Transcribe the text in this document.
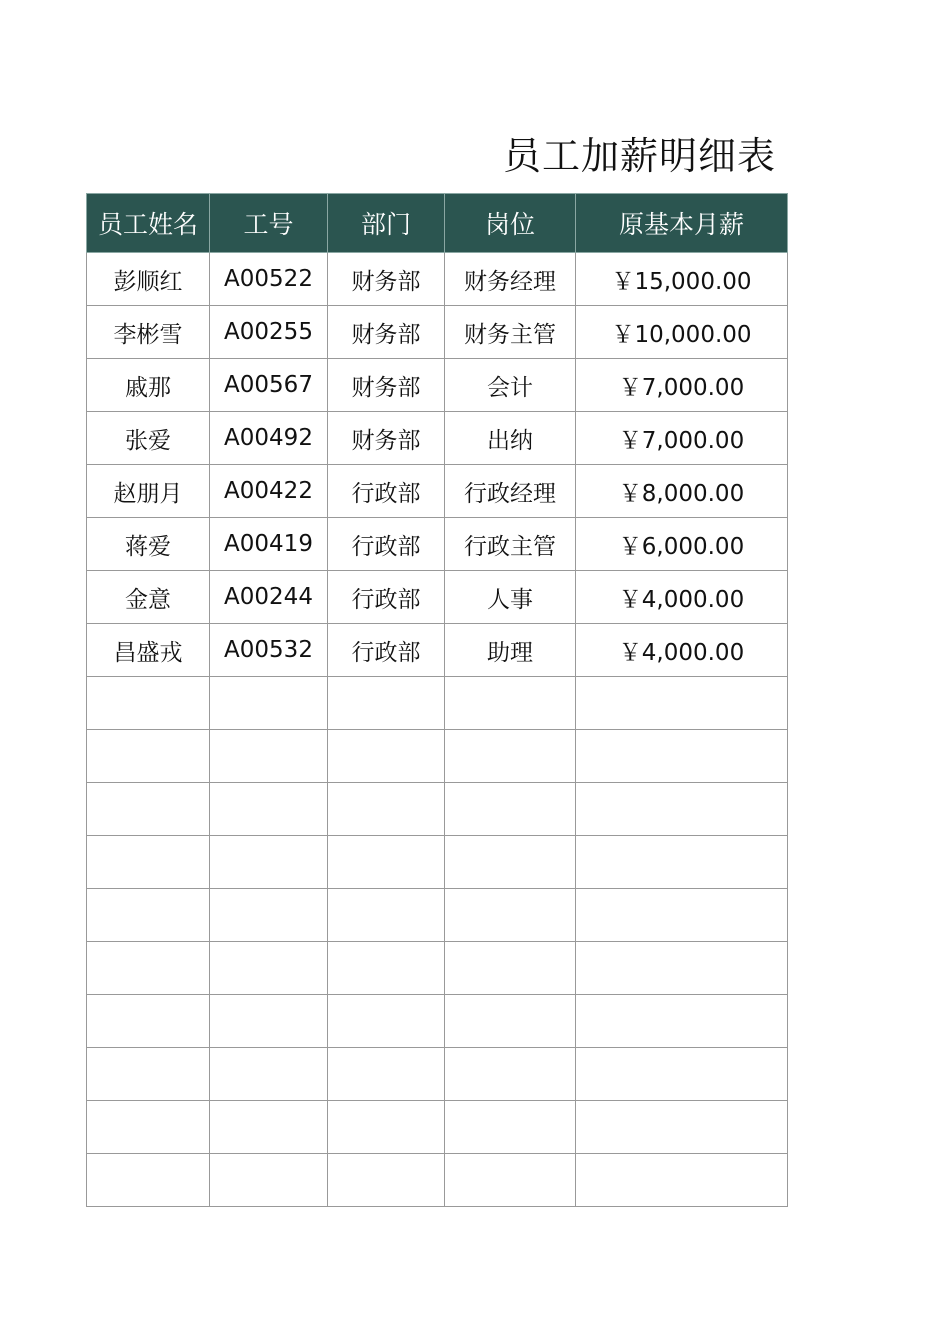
员工加薪明细表
员工姓名	工号	部门	岗位	原基本月薪
彭顺红	A00522	财务部	财务经理	￥15,000.00
李彬雪	A00255	财务部	财务主管	￥10,000.00
戚那	A00567	财务部	会计	￥7,000.00
张爱	A00492	财务部	出纳	￥7,000.00
赵朋月	A00422	行政部	行政经理	￥8,000.00
蒋爱	A00419	行政部	行政主管	￥6,000.00
金意	A00244	行政部	人事	￥4,000.00
昌盛戎	A00532	行政部	助理	￥4,000.00
